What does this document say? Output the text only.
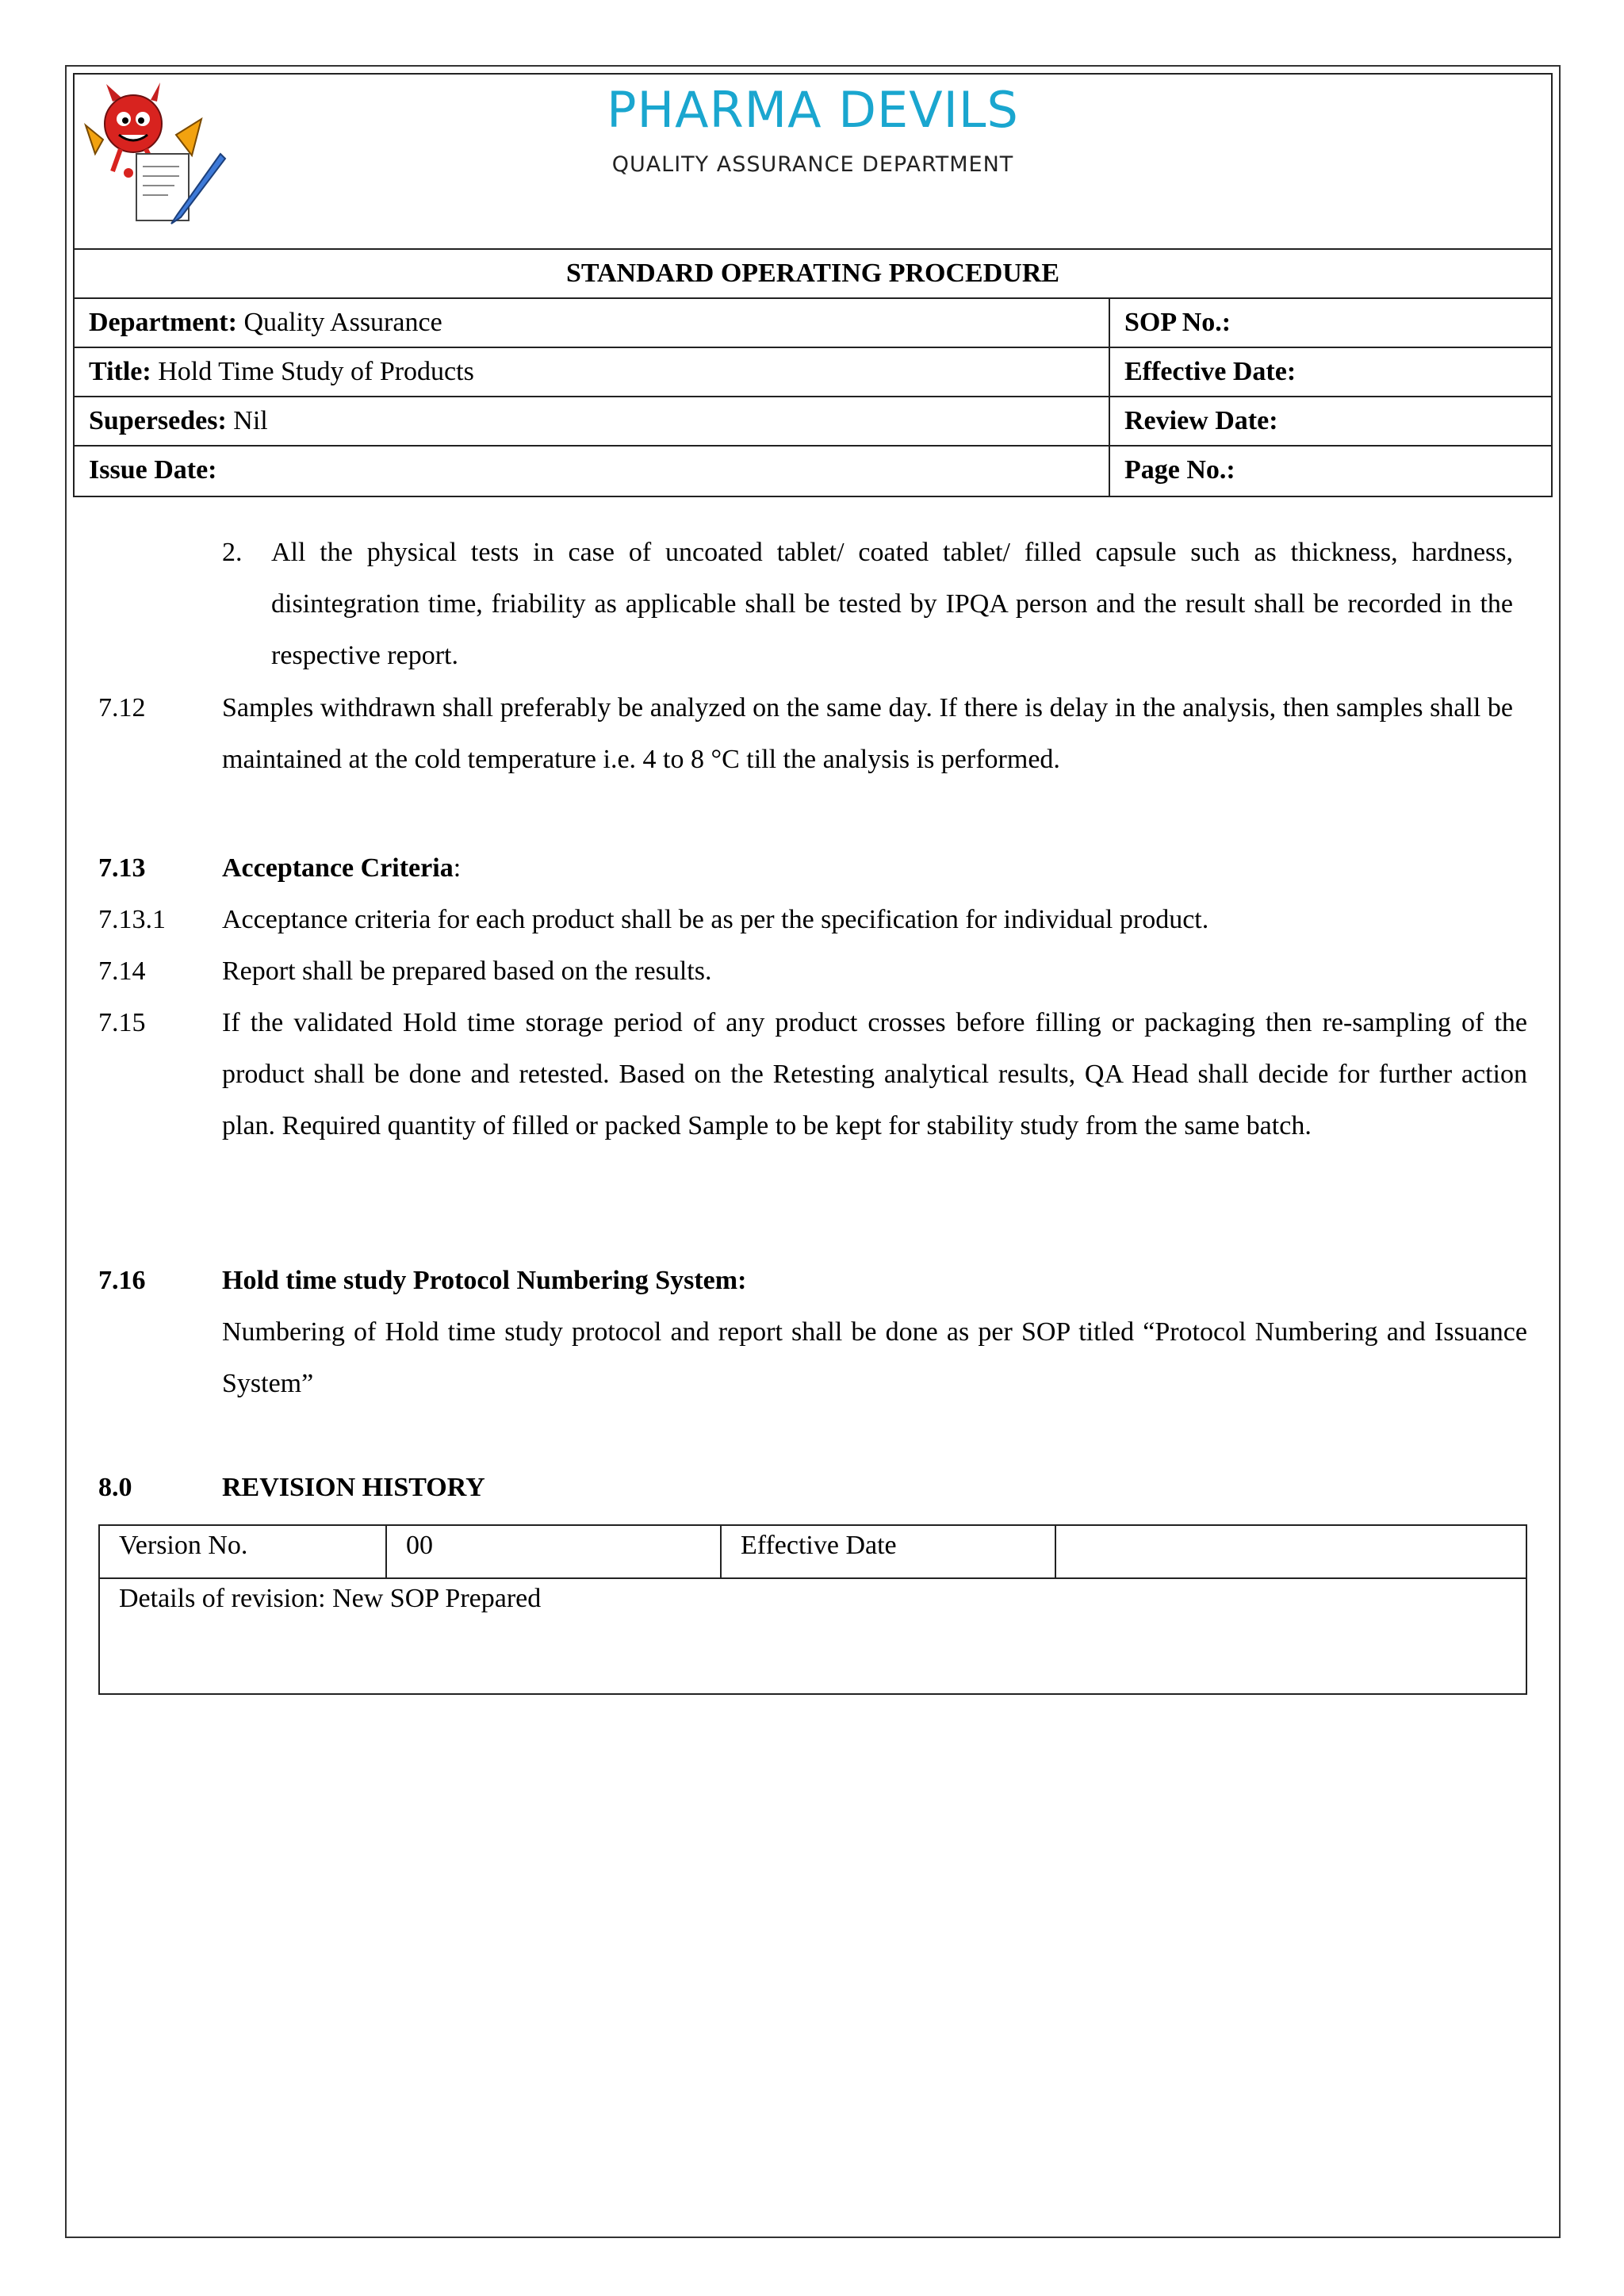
PHARMA DEVILS
QUALITY ASSURANCE DEPARTMENT
STANDARD OPERATING PROCEDURE
Department: Quality Assurance	SOP No.:
Title: Hold Time Study of Products	Effective Date:
Supersedes: Nil	Review Date:
Issue Date:	Page No.:
2. All the physical tests in case of uncoated tablet/ coated tablet/ filled capsule such as thickness, hardness, disintegration time, friability as applicable shall be tested by IPQA person and the result shall be recorded in the respective report.
7.12	Samples withdrawn shall preferably be analyzed on the same day. If there is delay in the analysis, then samples shall be maintained at the cold temperature i.e. 4 to 8 °C till the analysis is performed.
7.13	Acceptance Criteria:
7.13.1 Acceptance criteria for each product shall be as per the specification for individual product.
7.14	Report shall be prepared based on the results.
7.15	If the validated Hold time storage period of any product crosses before filling or packaging then re-sampling of the product shall be done and retested. Based on the Retesting analytical results, QA Head shall decide for further action plan. Required quantity of filled or packed Sample to be kept for stability study from the same batch.
7.16	Hold time study Protocol Numbering System:
Numbering of Hold time study protocol and report shall be done as per SOP titled “Protocol Numbering and Issuance System”
8.0	REVISION HISTORY
Version No.	00	Effective Date
Details of revision: New SOP Prepared
